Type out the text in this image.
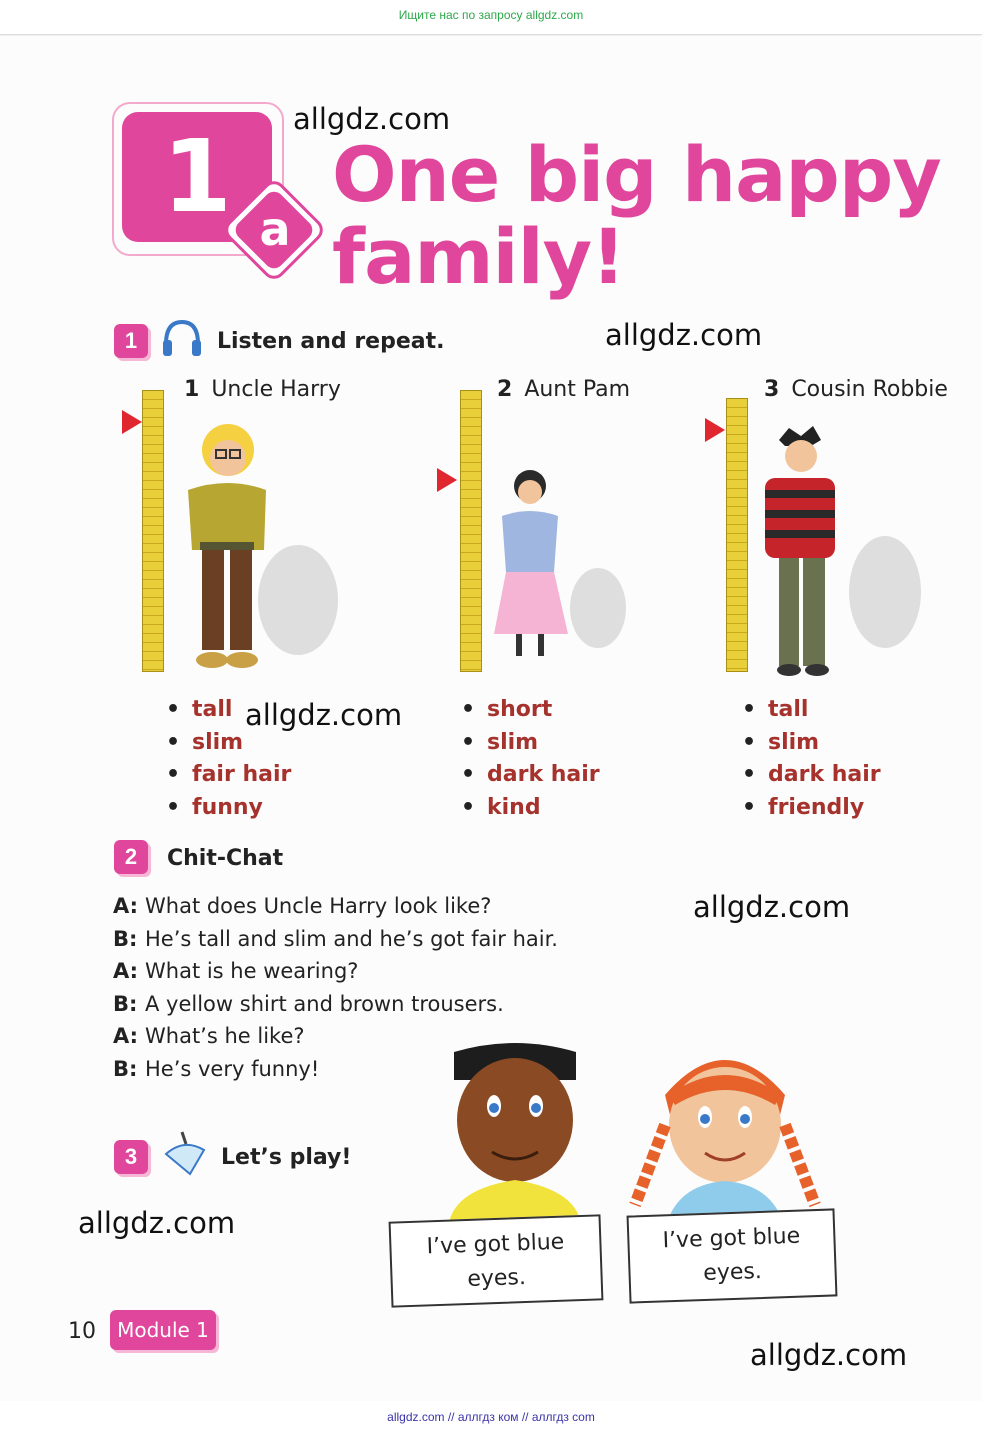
Ищите нас по запросу allgdz.com
1 a
allgdz.com
One big happy
family!
1	Listen and repeat.	allgdz.com
1 Uncle Harry	2 Aunt Pam	3 Cousin Robbie
• tall
• slim
• fair hair
• funny
allgdz.com
•	short
• slim
• dark hair
• kind
• tall
• slim
• dark hair
• friendly
2	Chit-Chat
allgdz.com
A: What does Uncle Harry look like?
B: He’s tall and slim and he’s got fair hair.
A: What is he wearing?
B: A yellow shirt and brown trousers.
A: What’s he like?
B: He’s very funny!
3	Let’s play!
allgdz.com
I’ve got blue
eyes.
I’ve got blue
eyes.
10	Module 1
allgdz.com
allgdz.com // аллгдз ком // аллгдз com
